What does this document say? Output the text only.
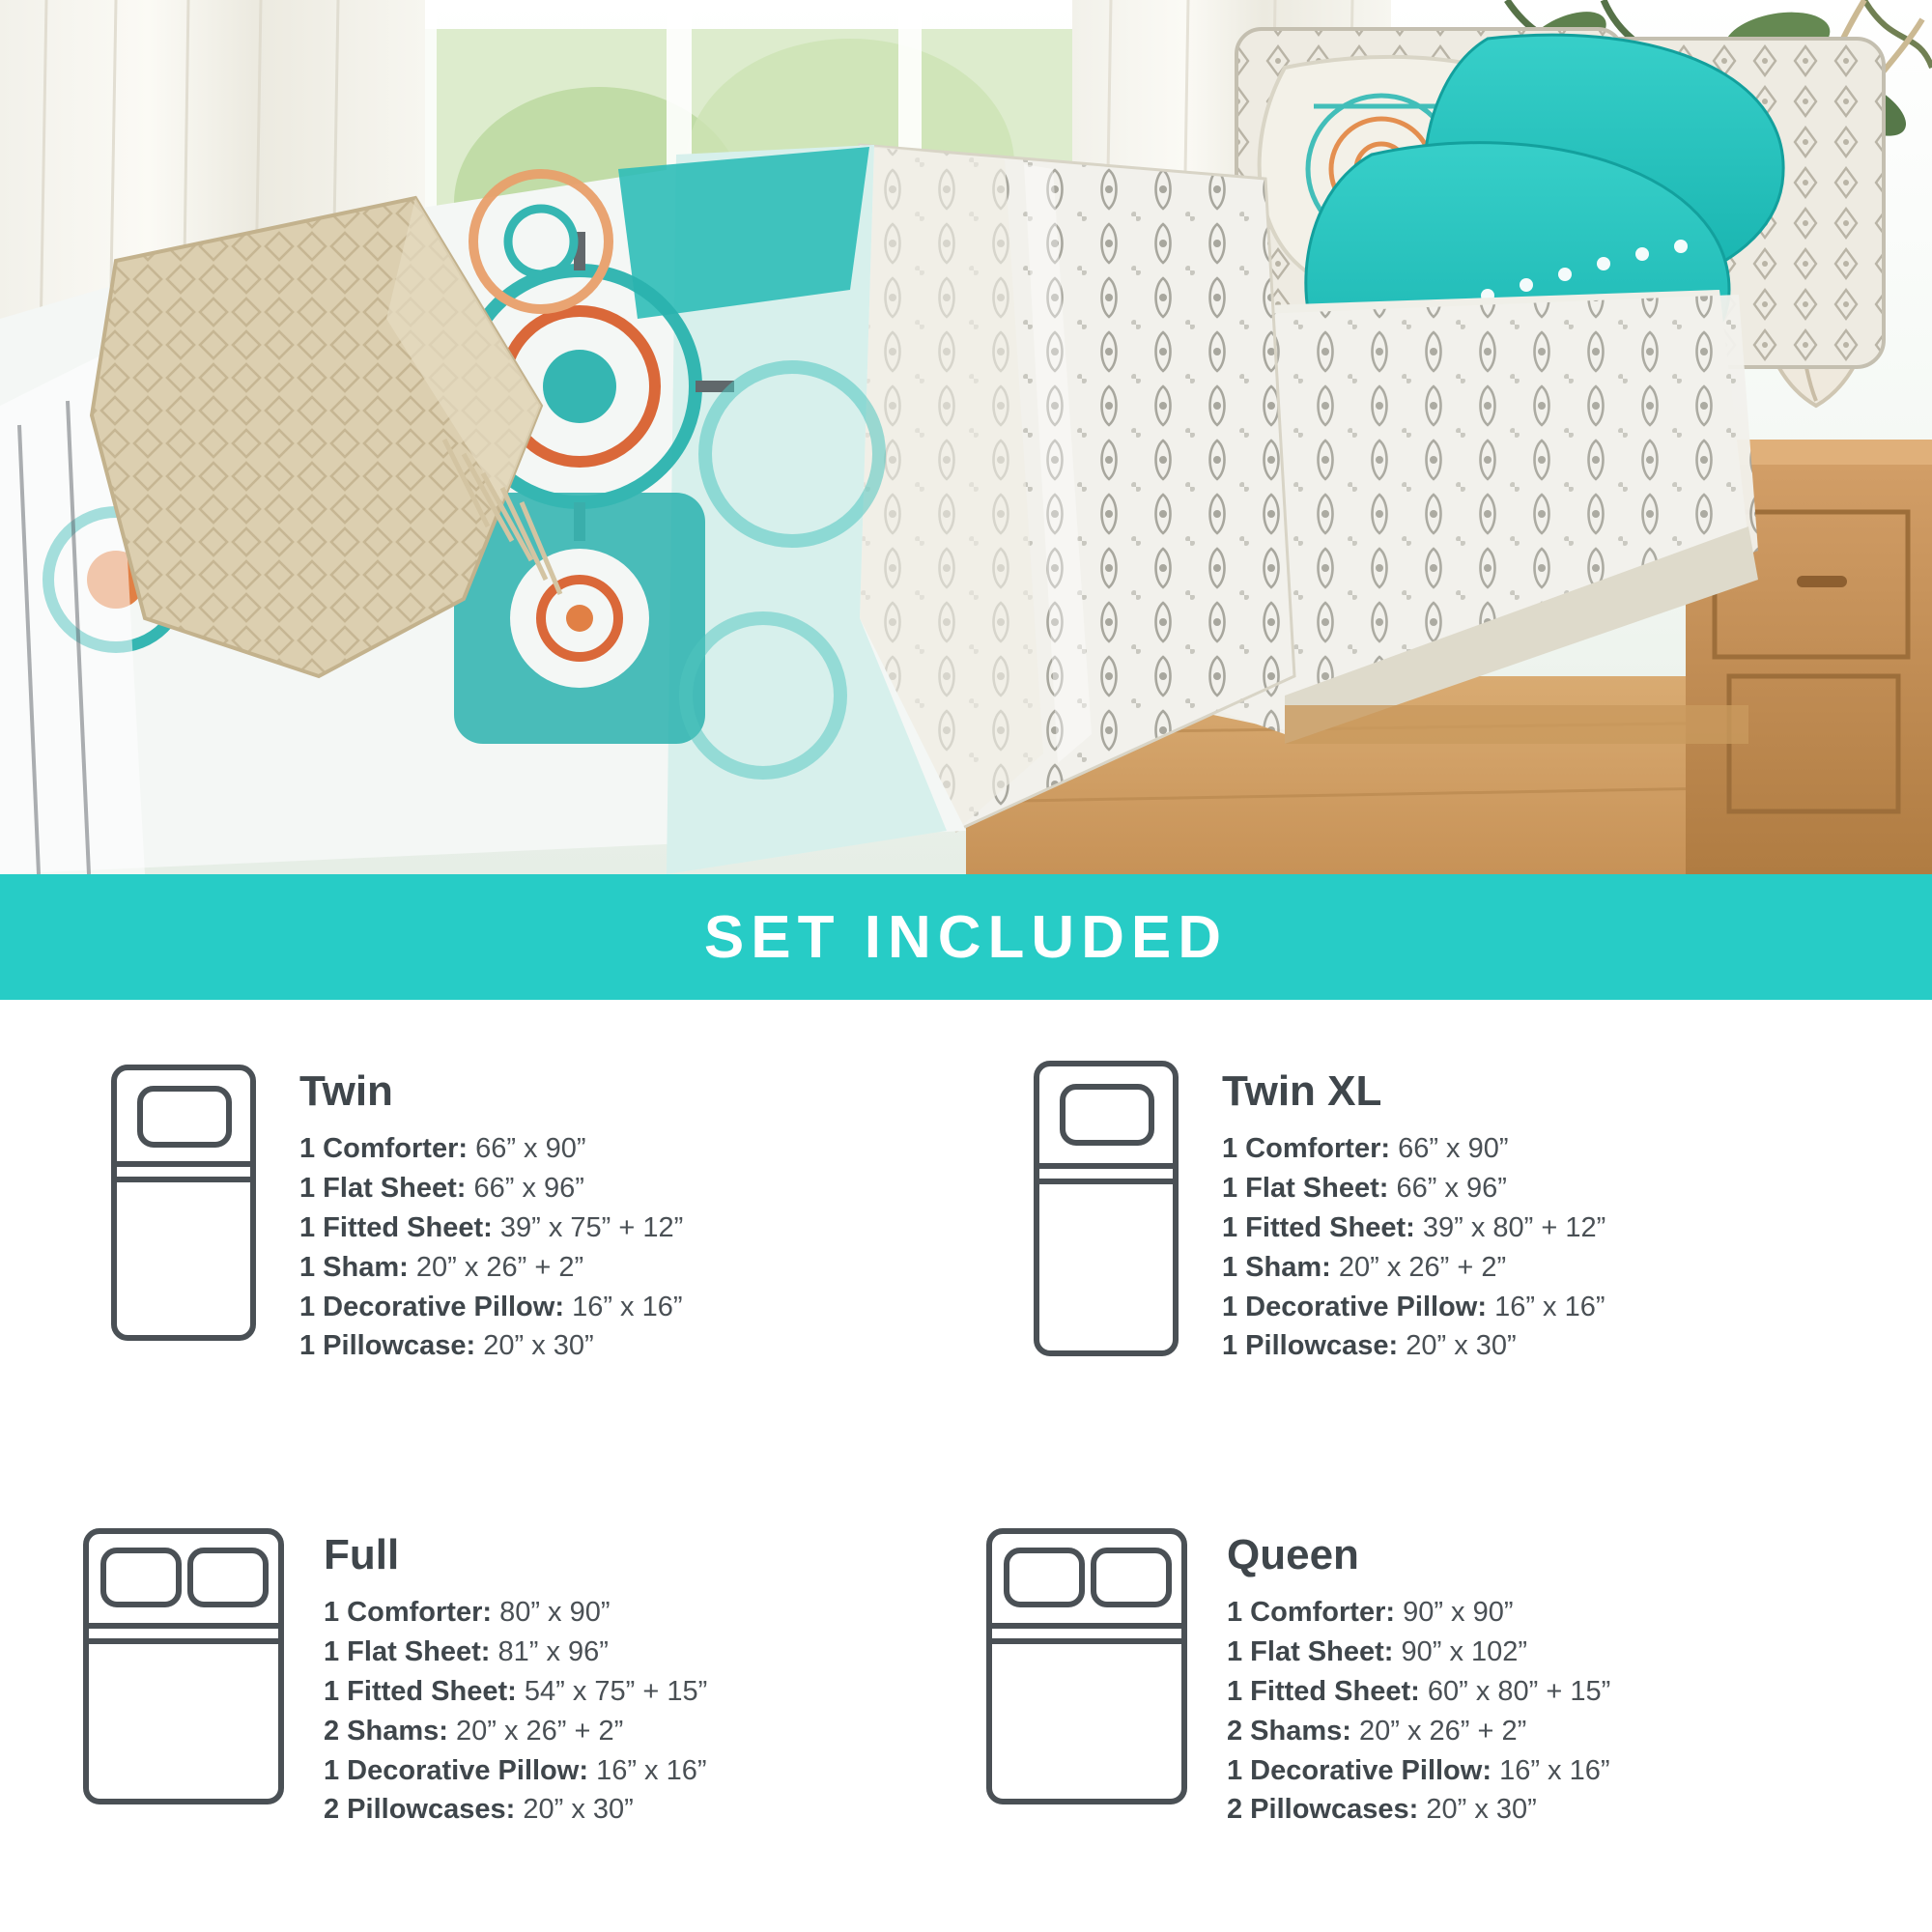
SET INCLUDED
Twin
1 Comforter: 66” x 90”
1 Flat Sheet: 66” x 96”
1 Fitted Sheet: 39” x 75” + 12”
1 Sham: 20” x 26” + 2”
1 Decorative Pillow: 16” x 16”
1 Pillowcase: 20” x 30”
Twin XL
1 Comforter: 66” x 90”
1 Flat Sheet: 66” x 96”
1 Fitted Sheet: 39” x 80” + 12”
1 Sham: 20” x 26” + 2”
1 Decorative Pillow: 16” x 16”
1 Pillowcase: 20” x 30”
Full
1 Comforter: 80” x 90”
1 Flat Sheet: 81” x 96”
1 Fitted Sheet: 54” x 75” + 15”
2 Shams: 20” x 26” + 2”
1 Decorative Pillow: 16” x 16”
2 Pillowcases: 20” x 30”
Queen
1 Comforter: 90” x 90”
1 Flat Sheet: 90” x 102”
1 Fitted Sheet: 60” x 80” + 15”
2 Shams: 20” x 26” + 2”
1 Decorative Pillow: 16” x 16”
2 Pillowcases: 20” x 30”
